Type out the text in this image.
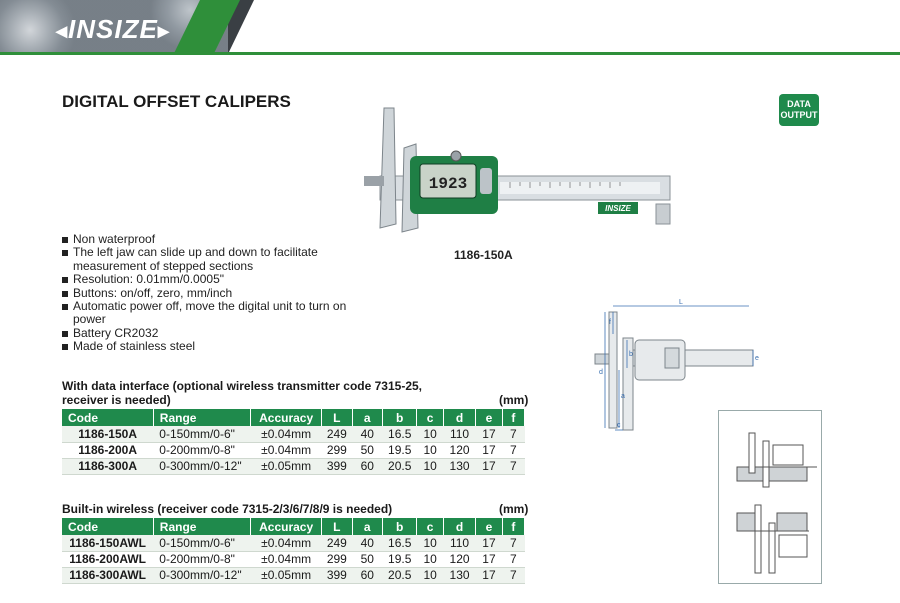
◂INSIZE▸
DIGITAL OFFSET CALIPERS	DATA
OUTPUT
1923
INSIZE
1186-150A
Non waterproof
The left jaw can slide up and down to facilitate measurement of stepped sections
Resolution: 0.01mm/0.0005"
Buttons: on/off, zero, mm/inch
Automatic power off, move the digital unit to turn on power
Battery CR2032
Made of stainless steel
With data interface (optional wireless transmitter code 7315-25, receiver is needed)	(mm)
Code	Range	Accuracy	L	a	b	c	d	e	f
1186-150A	0-150mm/0-6"	±0.04mm	249	40	16.5	10	110	17	7
1186-200A	0-200mm/0-8"	±0.04mm	299	50	19.5	10	120	17	7
1186-300A	0-300mm/0-12"	±0.05mm	399	60	20.5	10	130	17	7
Built-in wireless (receiver code 7315-2/3/6/7/8/9 is needed)	(mm)
Code	Range	Accuracy	L	a	b	c	d	e	f
1186-150AWL	0-150mm/0-6"	±0.04mm	249	40	16.5	10	110	17	7
1186-200AWL	0-200mm/0-8"	±0.04mm	299	50	19.5	10	120	17	7
1186-300AWL	0-300mm/0-12"	±0.05mm	399	60	20.5	10	130	17	7
L
d
a
e
c
f
b
